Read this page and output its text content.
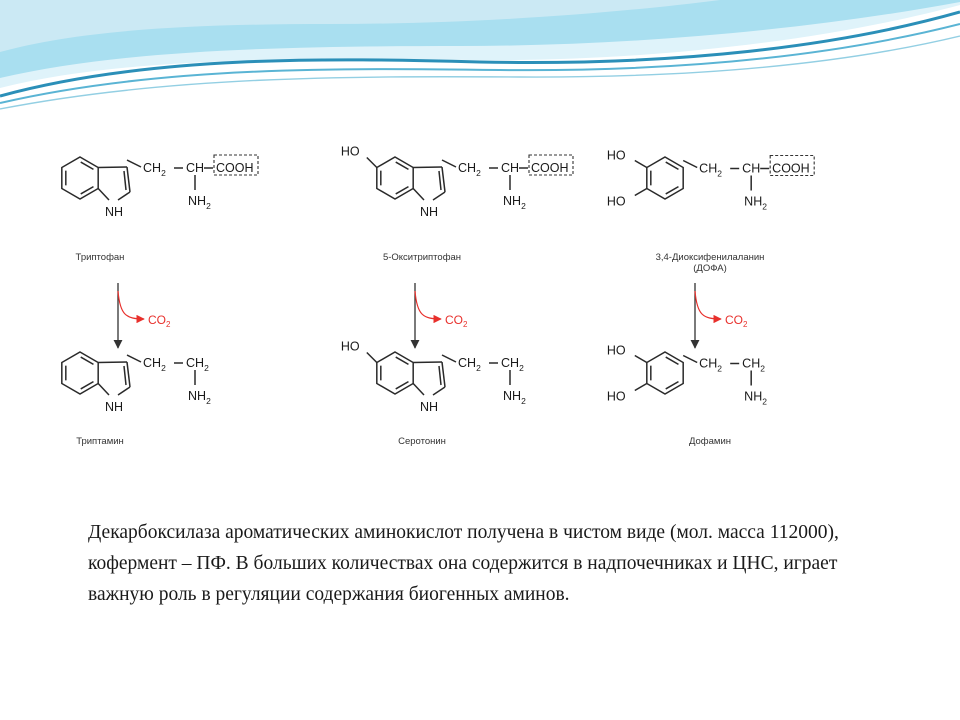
NH
$CH_2$ CH COOH
$NH_2$
NH
$CH_2$ $CH_2$
$NH_2$
Триптофан
Триптамин
$CO_2$
NH
HO
$CH_2$ CH COOH
$NH_2$
NH
HO
$CH_2$ $CH_2$
$NH_2$
5-Окситриптофан
Серотонин
$CO_2$
HO
HO
$CH_2$ CH COOH
$NH_2$
HO
HO
$CH_2$ $CH_2$
$NH_2$
3,4-Диоксифенилаланин
(ДОФА)
Дофамин
$CO_2$

Декарбоксилаза ароматических аминокислот получена в чистом виде (мол. масса 112000), кофермент – ПФ. В больших количествах она содержится в надпочечниках и ЦНС, играет важную роль в регуляции содержания биогенных аминов.
